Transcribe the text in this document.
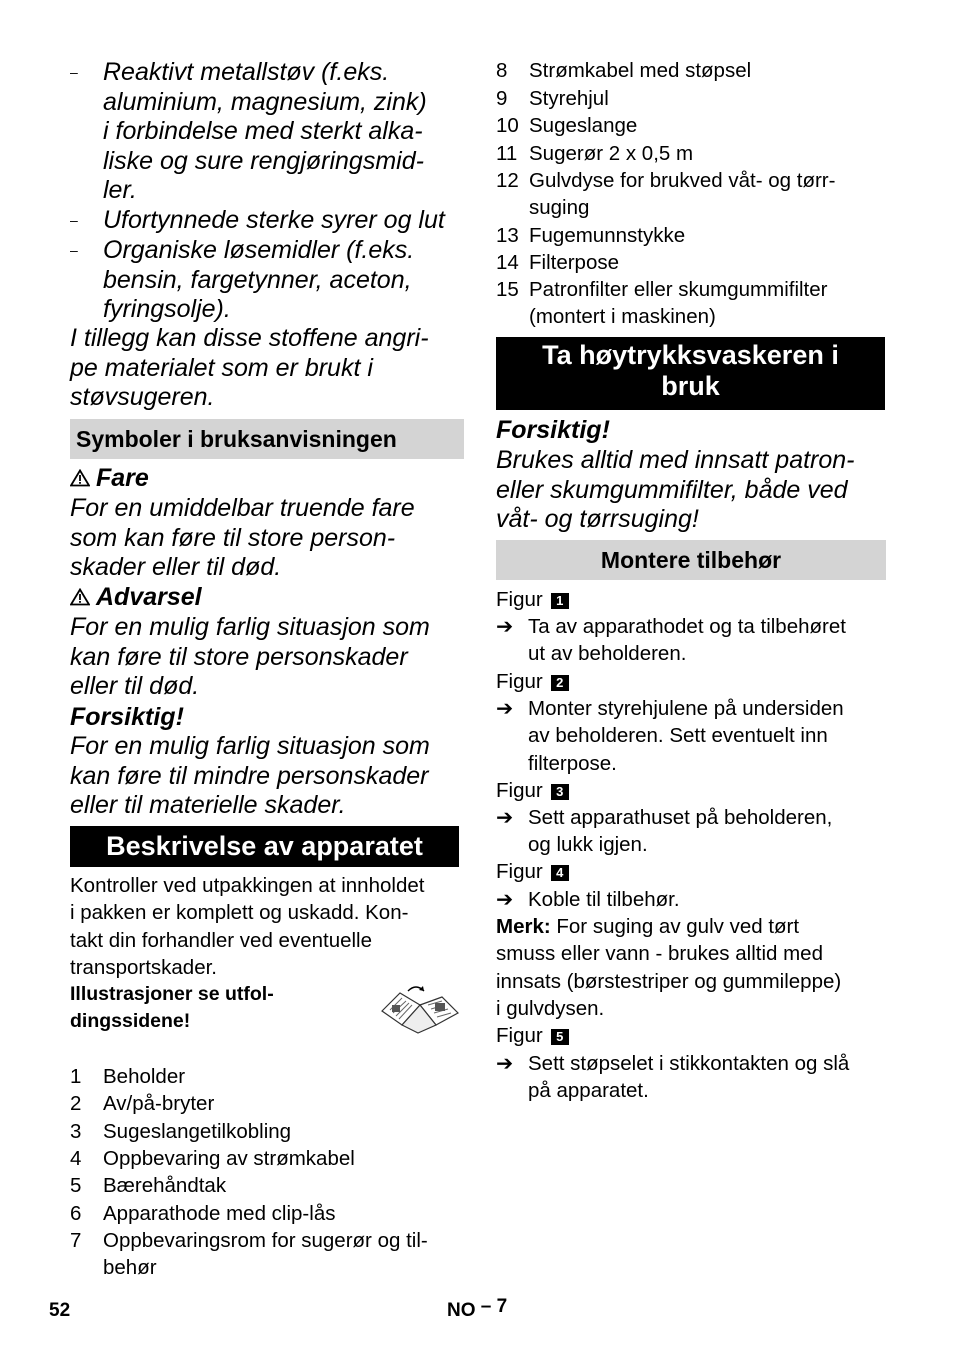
–	Reaktivt metallstøv (f.eks.
aluminium, magnesium, zink)
i forbindelse med sterkt alka-
liske og sure rengjøringsmid-
ler.
–	Ufortynnede sterke syrer og lut
–	Organiske løsemidler (f.eks.
bensin, fargetynner, aceton,
fyringsolje).
I tillegg kan disse stoffene angri-
pe materialet som er brukt i
støvsugeren.
Symboler i bruksanvisningen
Fare
For en umiddelbar truende fare
som kan føre til store person-
skader eller til død.
Advarsel
For en mulig farlig situasjon som
kan føre til store personskader
eller til død.
Forsiktig!
For en mulig farlig situasjon som
kan føre til mindre personskader
eller til materielle skader.
Beskrivelse av apparatet
Kontroller ved utpakkingen at innholdet
i pakken er komplett og uskadd. Kon-
takt din forhandler ved eventuelle
transportskader.
Illustrasjoner se utfol-
dingssidene!
1 Beholder
2 Av/på-bryter
3 Sugeslangetilkobling
4 Oppbevaring av strømkabel
5 Bærehåndtak
6 Apparathode med clip-lås
7 Oppbevaringsrom for sugerør og til-
behør
8 Strømkabel med støpsel
9 Styrehjul
10 Sugeslange
11 Sugerør 2 x 0,5 m
12 Gulvdyse for brukved våt- og tørr-
suging
13 Fugemunnstykke
14 Filterpose
15 Patronfilter eller skumgummifilter
(montert i maskinen)
Ta høytrykksvaskeren i
bruk
Forsiktig!
Brukes alltid med innsatt patron-
eller skumgummifilter, både ved
våt- og tørrsuging!
Montere tilbehør
Figur 1
➔ Ta av apparathodet og ta tilbehøret
ut av beholderen.
Figur 2
➔ Monter styrehjulene på undersiden
av beholderen. Sett eventuelt inn
filterpose.
Figur 3
➔ Sett apparathuset på beholderen,
og lukk igjen.
Figur 4
➔ Koble til tilbehør.
Merk: For suging av gulv ved tørt
smuss eller vann - brukes alltid med
innsats (børstestriper og gummileppe)
i gulvdysen.
Figur 5
➔ Sett støpselet i stikkontakten og slå
på apparatet.
52	NO – 7
